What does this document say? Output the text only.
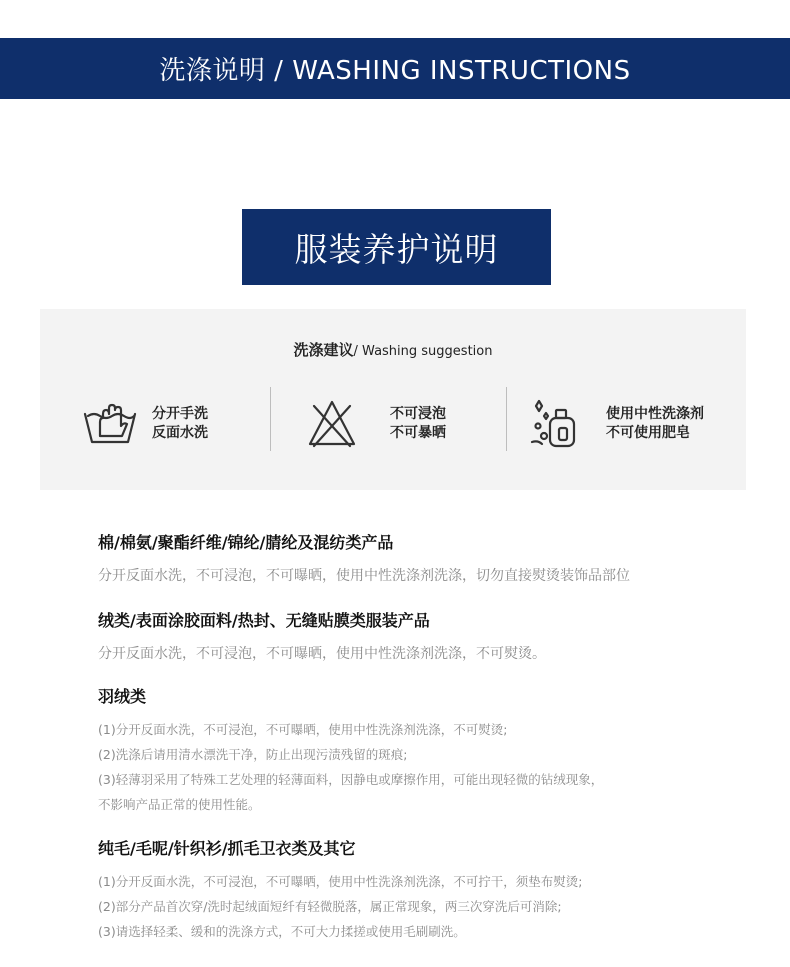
洗涤说明 / WASHING INSTRUCTIONS
服装养护说明
洗涤建议/ Washing suggestion
分开手洗
反面水洗
不可浸泡
不可暴晒
使用中性洗涤剂
不可使用肥皂
棉/棉氨/聚酯纤维/锦纶/腈纶及混纺类产品
分开反面水洗，不可浸泡，不可曝晒，使用中性洗涤剂洗涤，切勿直接熨烫装饰品部位
绒类/表面涂胶面料/热封、无缝贴膜类服装产品
分开反面水洗，不可浸泡，不可曝晒，使用中性洗涤剂洗涤，不可熨烫。
羽绒类
(1)分开反面水洗，不可浸泡，不可曝晒，使用中性洗涤剂洗涤，不可熨烫;
(2)洗涤后请用清水漂洗干净，防止出现污渍残留的斑痕;
(3)轻薄羽采用了特殊工艺处理的轻薄面料，因静电或摩擦作用，可能出现轻微的钻绒现象，
不影响产品正常的使用性能。
纯毛/毛呢/针织衫/抓毛卫衣类及其它
(1)分开反面水洗，不可浸泡，不可曝晒，使用中性洗涤剂洗涤，不可拧干，须垫布熨烫;
(2)部分产品首次穿/洗时起绒面短纤有轻微脱落，属正常现象，两三次穿洗后可消除;
(3)请选择轻柔、缓和的洗涤方式，不可大力揉搓或使用毛刷刷洗。
